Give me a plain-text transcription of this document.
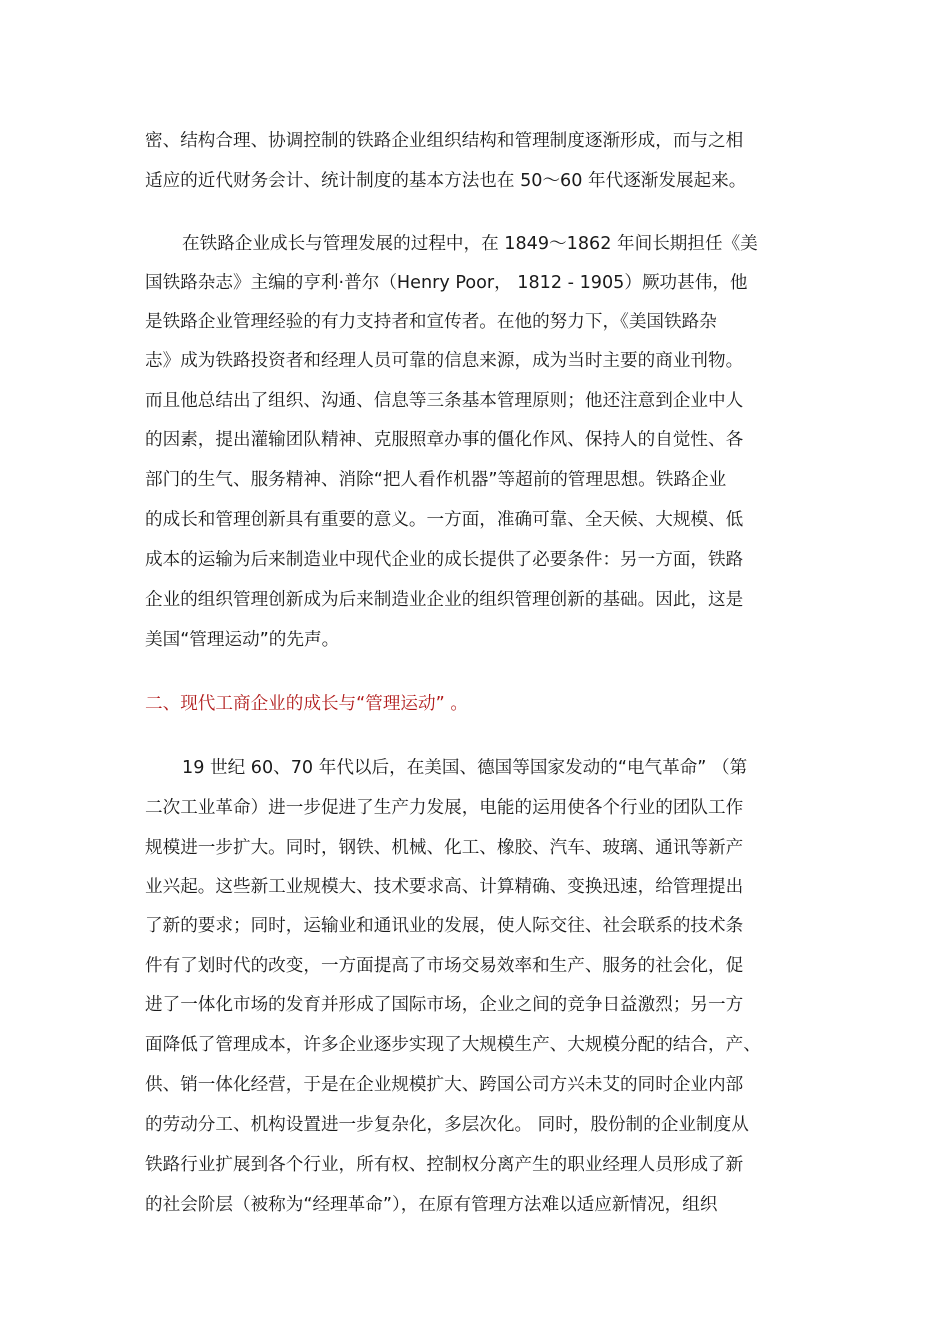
密、结构合理、协调控制的铁路企业组织结构和管理制度逐渐形成，而与之相
适应的近代财务会计、统计制度的基本方法也在 50～60 年代逐渐发展起来。
在铁路企业成长与管理发展的过程中，在 1849～1862 年间长期担任《美
国铁路杂志》主编的亨利·普尔（Henry Poor， 1812 - 1905）厥功甚伟，他
是铁路企业管理经验的有力支持者和宣传者。在他的努力下，《美国铁路杂
志》成为铁路投资者和经理人员可靠的信息来源，成为当时主要的商业刊物。
而且他总结出了组织、沟通、信息等三条基本管理原则；他还注意到企业中人
的因素，提出灌输团队精神、克服照章办事的僵化作风、保持人的自觉性、各
部门的生气、服务精神、消除“把人看作机器”等超前的管理思想。铁路企业
的成长和管理创新具有重要的意义。一方面，准确可靠、全天候、大规模、低
成本的运输为后来制造业中现代企业的成长提供了必要条件：另一方面，铁路
企业的组织管理创新成为后来制造业企业的组织管理创新的基础。因此，这是
美国“管理运动”的先声。
二、现代工商企业的成长与“管理运动” 。
19 世纪 60、70 年代以后，在美国、德国等国家发动的“电气革命” （第
二次工业革命）进一步促进了生产力发展，电能的运用使各个行业的团队工作
规模进一步扩大。同时，钢铁、机械、化工、橡胶、汽车、玻璃、通讯等新产
业兴起。这些新工业规模大、技术要求高、计算精确、变换迅速，给管理提出
了新的要求；同时，运输业和通讯业的发展，使人际交往、社会联系的技术条
件有了划时代的改变，一方面提高了市场交易效率和生产、服务的社会化，促
进了一体化市场的发育并形成了国际市场，企业之间的竞争日益激烈；另一方
面降低了管理成本，许多企业逐步实现了大规模生产、大规模分配的结合，产、
供、销一体化经营，于是在企业规模扩大、跨国公司方兴未艾的同时企业内部
的劳动分工、机构设置进一步复杂化，多层次化。 同时，股份制的企业制度从
铁路行业扩展到各个行业，所有权、控制权分离产生的职业经理人员形成了新
的社会阶层（被称为“经理革命”），在原有管理方法难以适应新情况，组织
